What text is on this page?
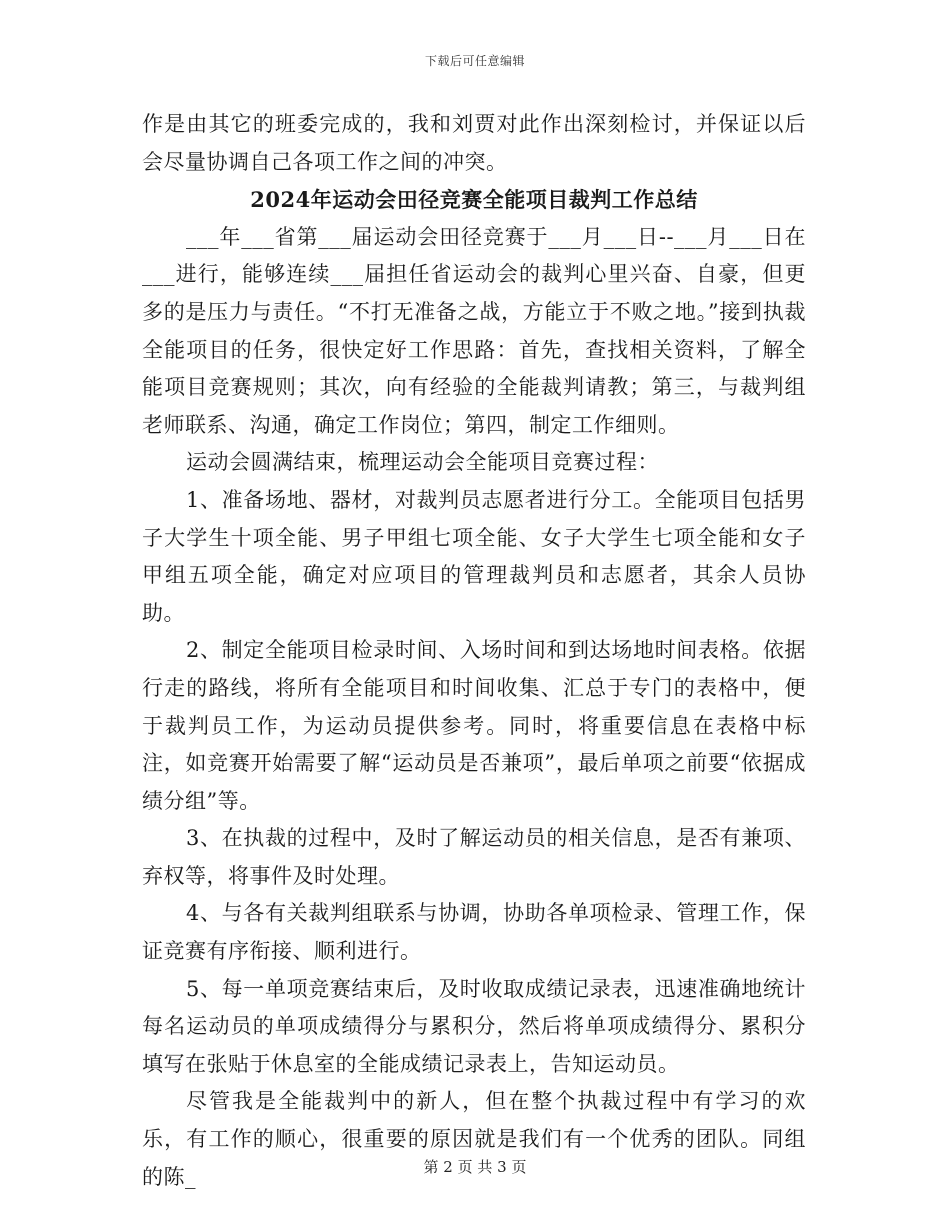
下载后可任意编辑

作是由其它的班委完成的，我和刘贾对此作出深刻检讨，并保证以后会尽量协调自己各项工作之间的冲突。

2024年运动会田径竞赛全能项目裁判工作总结

___年___省第___届运动会田径竞赛于___月___日--___月___日在___进行，能够连续___届担任省运动会的裁判心里兴奋、自豪，但更多的是压力与责任。“不打无准备之战，方能立于不败之地。”接到执裁全能项目的任务，很快定好工作思路：首先，查找相关资料，了解全能项目竞赛规则；其次，向有经验的全能裁判请教；第三，与裁判组老师联系、沟通，确定工作岗位；第四，制定工作细则。

运动会圆满结束，梳理运动会全能项目竞赛过程：

1、准备场地、器材，对裁判员志愿者进行分工。全能项目包括男子大学生十项全能、男子甲组七项全能、女子大学生七项全能和女子甲组五项全能，确定对应项目的管理裁判员和志愿者，其余人员协助。

2、制定全能项目检录时间、入场时间和到达场地时间表格。依据行走的路线，将所有全能项目和时间收集、汇总于专门的表格中，便于裁判员工作，为运动员提供参考。同时，将重要信息在表格中标注，如竞赛开始需要了解“运动员是否兼项”，最后单项之前要“依据成绩分组”等。

3、在执裁的过程中，及时了解运动员的相关信息，是否有兼项、弃权等，将事件及时处理。

4、与各有关裁判组联系与协调，协助各单项检录、管理工作，保证竞赛有序衔接、顺利进行。

5、每一单项竞赛结束后，及时收取成绩记录表，迅速准确地统计每名运动员的单项成绩得分与累积分，然后将单项成绩得分、累积分填写在张贴于休息室的全能成绩记录表上，告知运动员。

尽管我是全能裁判中的新人，但在整个执裁过程中有学习的欢乐，有工作的顺心，很重要的原因就是我们有一个优秀的团队。同组的陈_	第 2 页 共 3 页
